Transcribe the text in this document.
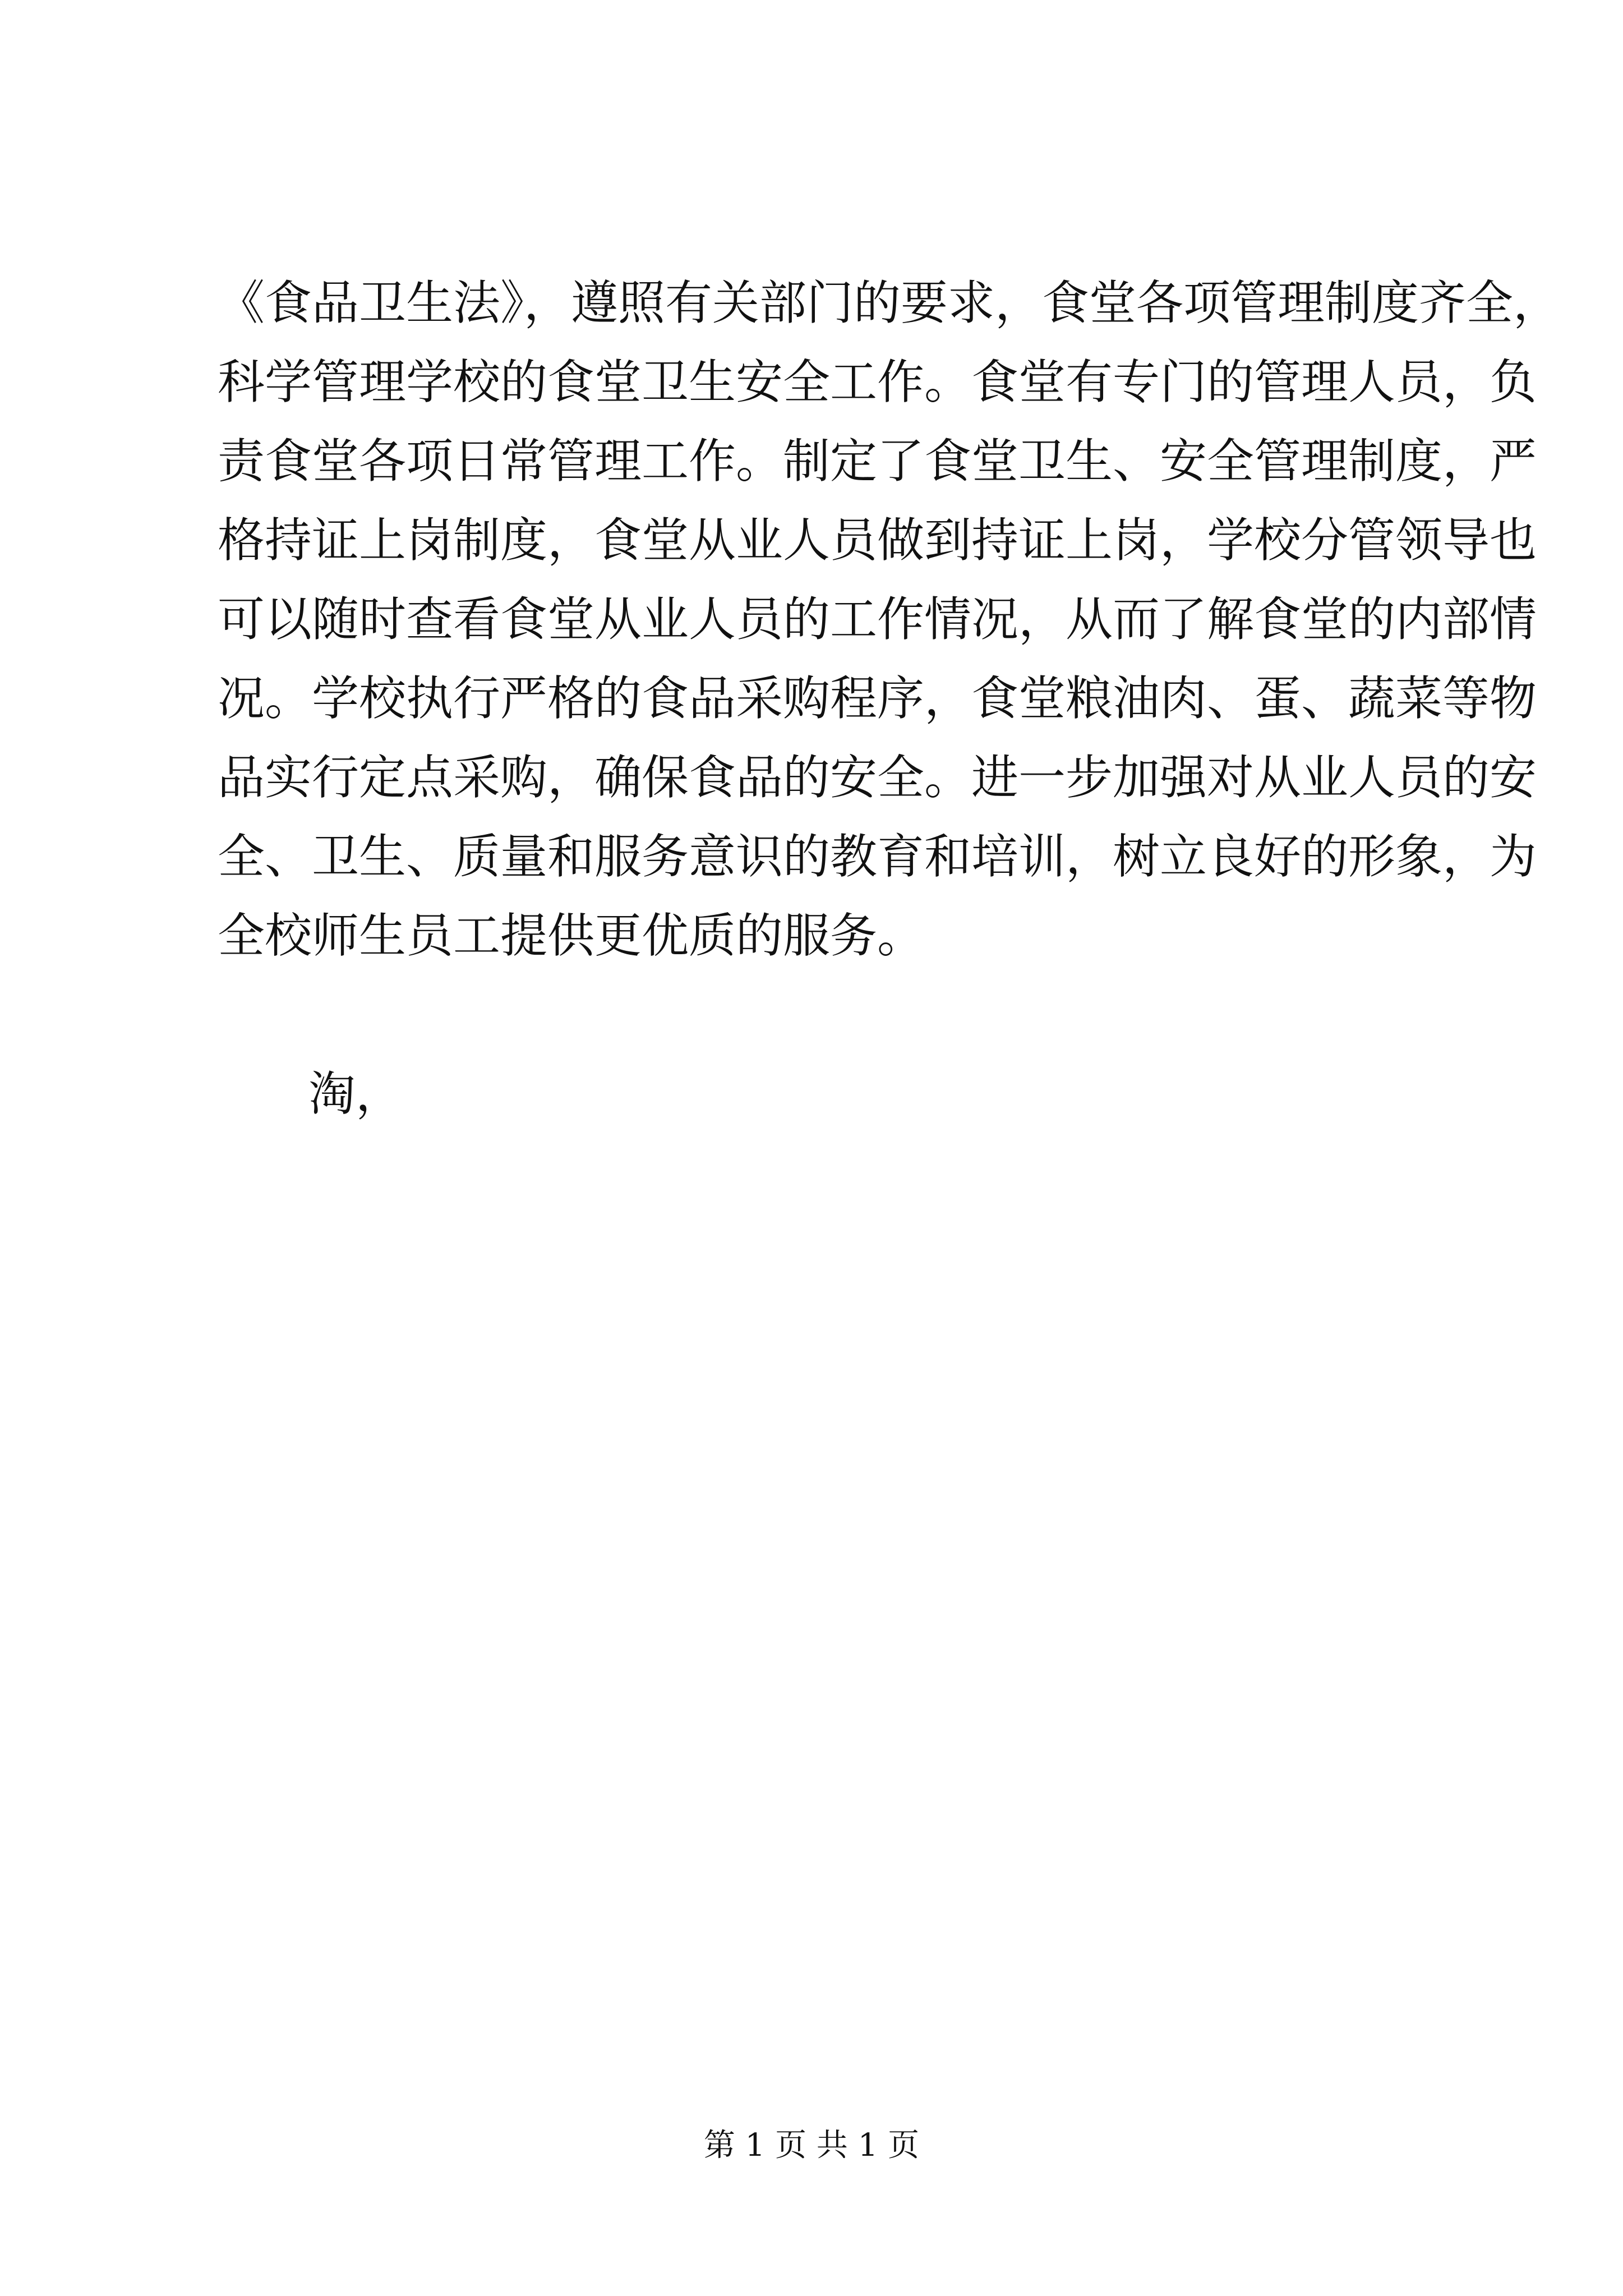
《食品卫生法》，遵照有关部门的要求，食堂各项管理制度齐全，
科学管理学校的食堂卫生安全工作。食堂有专门的管理人员，负
责食堂各项日常管理工作。制定了食堂卫生、安全管理制度，严
格持证上岗制度，食堂从业人员做到持证上岗，学校分管领导也
可以随时查看食堂从业人员的工作情况，从而了解食堂的内部情
况。学校执行严格的食品采购程序，食堂粮油肉、蛋、蔬菜等物
品实行定点采购，确保食品的安全。进一步加强对从业人员的安
全、卫生、质量和服务意识的教育和培训，树立良好的形象，为
全校师生员工提供更优质的服务。

淘，

第 1 页 共 1 页
